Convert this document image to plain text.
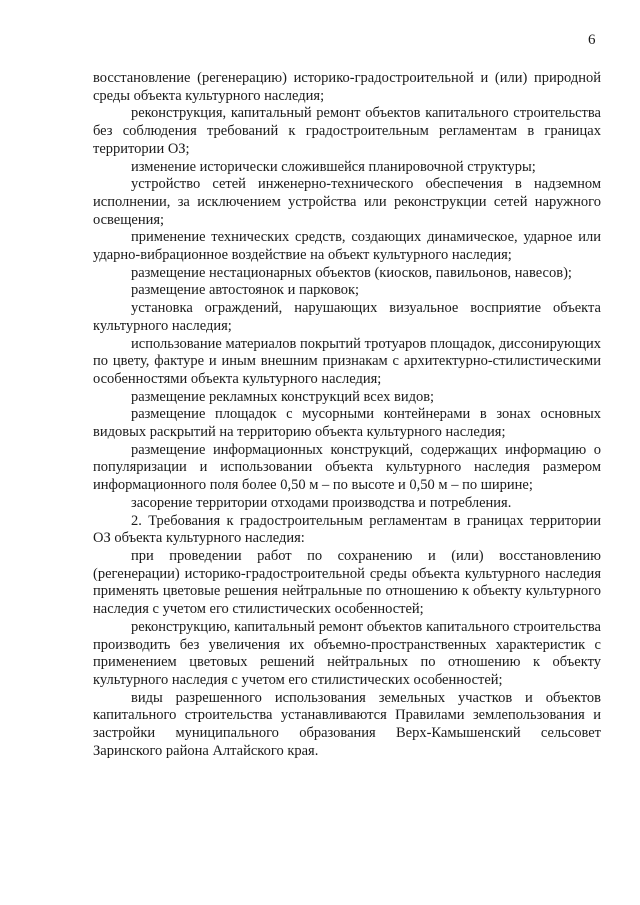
6

восстановление (регенерацию) историко-градостроительной и (или) природной среды объекта культурного наследия;

реконструкция, капитальный ремонт объектов капитального строительства без соблюдения требований к градостроительным регламентам в границах территории ОЗ;

изменение исторически сложившейся планировочной структуры;

устройство сетей инженерно-технического обеспечения в надземном исполнении, за исключением устройства или реконструкции сетей наружного освещения;

применение технических средств, создающих динамическое, ударное или ударно-вибрационное воздействие на объект культурного наследия;

размещение нестационарных объектов (киосков, павильонов, навесов);

размещение автостоянок и парковок;

установка ограждений, нарушающих визуальное восприятие объекта культурного наследия;

использование материалов покрытий тротуаров площадок, диссонирующих по цвету, фактуре и иным внешним признакам с архитектурно-стилистическими особенностями объекта культурного наследия;

размещение рекламных конструкций всех видов;

размещение площадок с мусорными контейнерами в зонах основных видовых раскрытий на территорию объекта культурного наследия;

размещение информационных конструкций, содержащих информацию о популяризации и использовании объекта культурного наследия размером информационного поля более 0,50 м – по высоте и 0,50 м – по ширине;

засорение территории отходами производства и потребления.

2. Требования к градостроительным регламентам в границах территории ОЗ объекта культурного наследия:

при проведении работ по сохранению и (или) восстановлению (регенерации) историко-градостроительной среды объекта культурного наследия применять цветовые решения нейтральные по отношению к объекту культурного наследия с учетом его стилистических особенностей;

реконструкцию, капитальный ремонт объектов капитального строительства производить без увеличения их объемно-пространственных характеристик с применением цветовых решений нейтральных по отношению к объекту культурного наследия с учетом его стилистических особенностей;

виды разрешенного использования земельных участков и объектов капитального строительства устанавливаются Правилами землепользования и застройки муниципального образования Верх-Камышенский сельсовет Заринского района Алтайского края.
